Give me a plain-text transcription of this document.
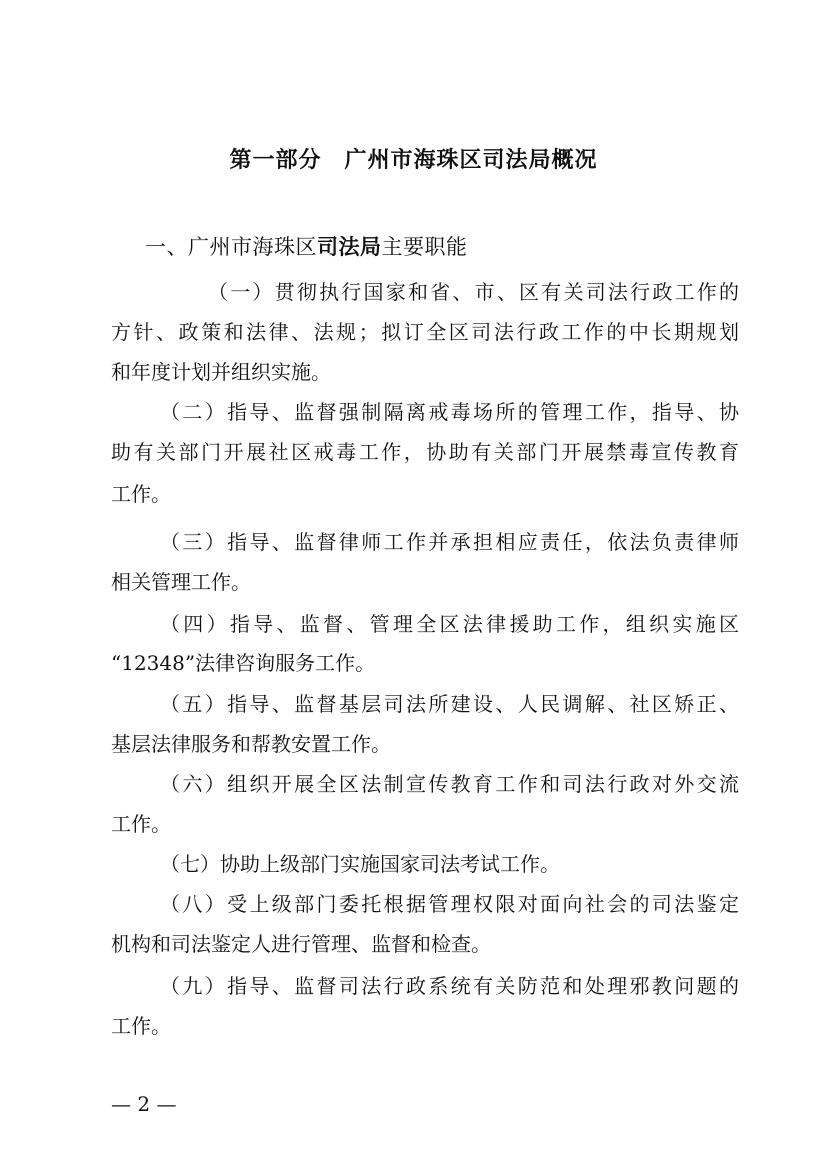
第一部分　广州市海珠区司法局概况
一、广州市海珠区司法局主要职能
（一）贯彻执行国家和省、市、区有关司法行政工作的
方针、政策和法律、法规；拟订全区司法行政工作的中长期规划
和年度计划并组织实施。
（二）指导、监督强制隔离戒毒场所的管理工作，指导、协
助有关部门开展社区戒毒工作，协助有关部门开展禁毒宣传教育
工作。
（三）指导、监督律师工作并承担相应责任，依法负责律师
相关管理工作。
（四）指导、监督、管理全区法律援助工作，组织实施区
“12348”法律咨询服务工作。
（五）指导、监督基层司法所建设、人民调解、社区矫正、
基层法律服务和帮教安置工作。
（六）组织开展全区法制宣传教育工作和司法行政对外交流
工作。
（七）协助上级部门实施国家司法考试工作。
（八）受上级部门委托根据管理权限对面向社会的司法鉴定
机构和司法鉴定人进行管理、监督和检查。
（九）指导、监督司法行政系统有关防范和处理邪教问题的
工作。
— 2 —
